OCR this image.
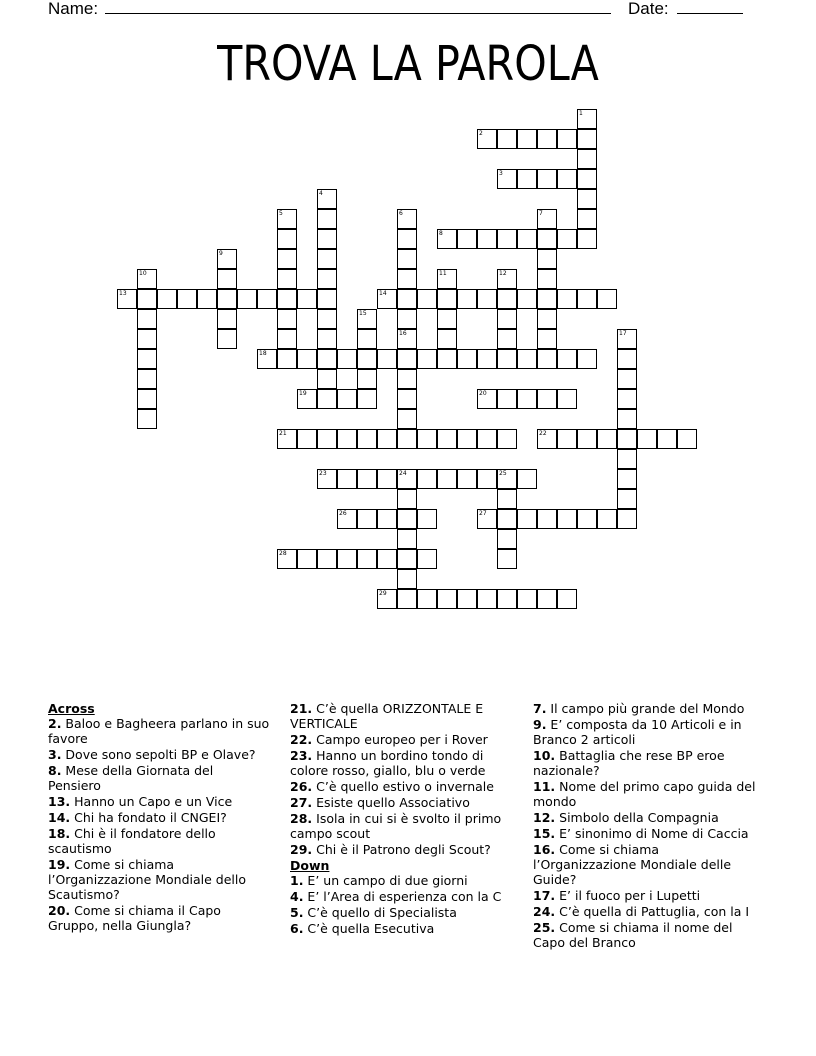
Name:	Date:
TROVA LA PAROLA
2
3
8
13	14
18
19	20
21	22
23
26	27
28
29
1
4
5	6	7
9
10	11	12
15
16	17
24	25

Across

2. Baloo e Bagheera parlano in suo favore

3. Dove sono sepolti BP e Olave?

8. Mese della Giornata del Pensiero

13. Hanno un Capo e un Vice

14. Chi ha fondato il CNGEI?

18. Chi è il fondatore dello scautismo

19. Come si chiama l’Organizzazione Mondiale dello Scautismo?

20. Come si chiama il Capo Gruppo, nella Giungla?

21. C’è quella ORIZZONTALE E VERTICALE

22. Campo europeo per i Rover

23. Hanno un bordino tondo di colore rosso, giallo, blu o verde

26. C’è quello estivo o invernale

27. Esiste quello Associativo

28. Isola in cui si è svolto il primo campo scout

29. Chi è il Patrono degli Scout?

Down

1. E’ un campo di due giorni

4. E’ l’Area di esperienza con la C

5. C’è quello di Specialista

6. C’è quella Esecutiva

7. Il campo più grande del Mondo

9. E’ composta da 10 Articoli e in Branco 2 articoli

10. Battaglia che rese BP eroe nazionale?

11. Nome del primo capo guida del mondo

12. Simbolo della Compagnia

15. E’ sinonimo di Nome di Caccia

16. Come si chiama l’Organizzazione Mondiale delle Guide?

17. E’ il fuoco per i Lupetti

24. C’è quella di Pattuglia, con la I

25. Come si chiama il nome del Capo del Branco
